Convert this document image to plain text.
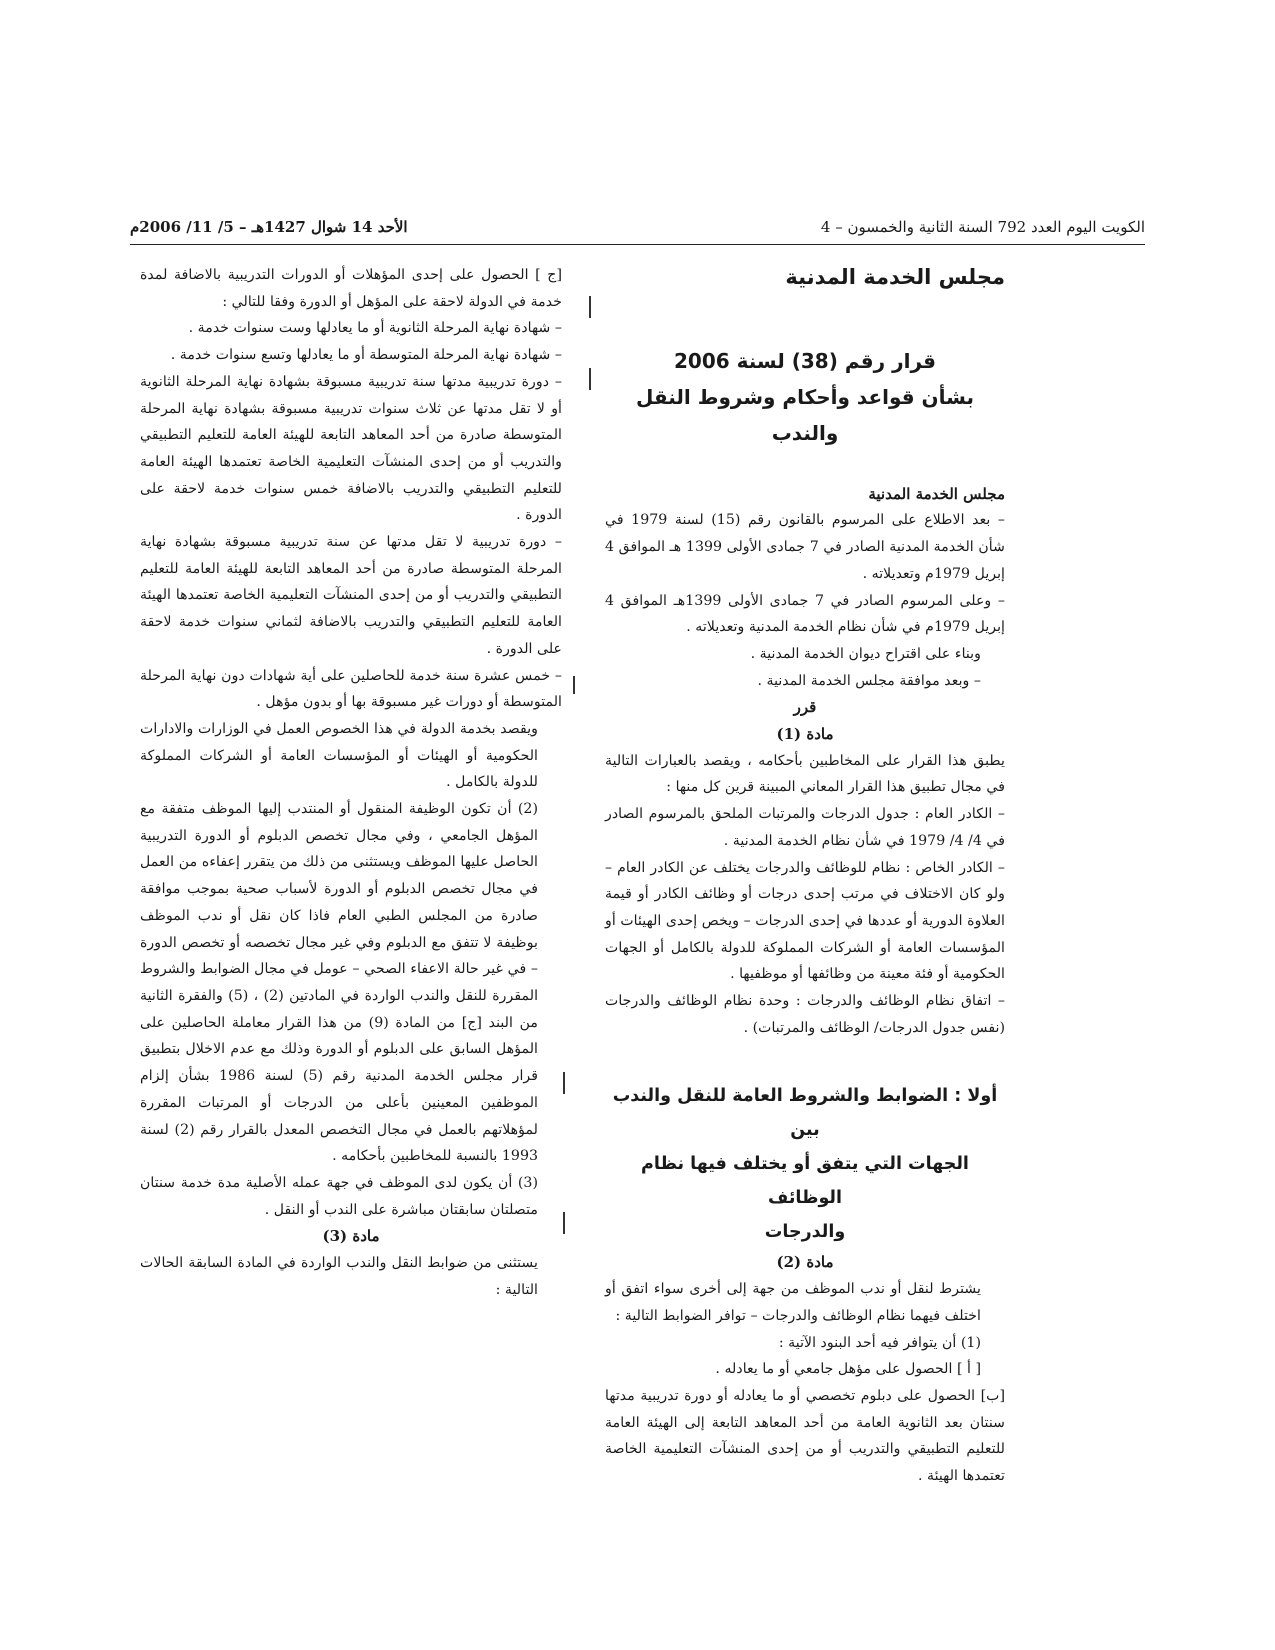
الكويت اليوم العدد 792 السنة الثانية والخمسون – 4
الأحد 14 شوال 1427هـ – 5/ 11/ 2006م
مجلس الخدمة المدنية
قرار رقم (38) لسنة 2006
بشأن قواعد وأحكام وشروط النقل والندب

مجلس الخدمة المدنية

– بعد الاطلاع على المرسوم بالقانون رقم (15) لسنة 1979 في شأن الخدمة المدنية الصادر في 7 جمادى الأولى 1399 هـ الموافق 4 إبريل 1979م وتعديلاته .

– وعلى المرسوم الصادر في 7 جمادى الأولى 1399هـ الموافق 4 إبريل 1979م في شأن نظام الخدمة المدنية وتعديلاته .

وبناء على اقتراح ديوان الخدمة المدنية .

– وبعد موافقة مجلس الخدمة المدنية .

قرر
مادة (1)

يطبق هذا القرار على المخاطبين بأحكامه ، ويقصد بالعبارات التالية في مجال تطبيق هذا القرار المعاني المبينة قرين كل منها :

– الكادر العام : جدول الدرجات والمرتبات الملحق بالمرسوم الصادر في 4/ 4/ 1979 في شأن نظام الخدمة المدنية .

– الكادر الخاص : نظام للوظائف والدرجات يختلف عن الكادر العام – ولو كان الاختلاف في مرتب إحدى درجات أو وظائف الكادر أو قيمة العلاوة الدورية أو عددها في إحدى الدرجات – ويخص إحدى الهيئات أو المؤسسات العامة أو الشركات المملوكة للدولة بالكامل أو الجهات الحكومية أو فئة معينة من وظائفها أو موظفيها .

– اتفاق نظام الوظائف والدرجات : وحدة نظام الوظائف والدرجات (نفس جدول الدرجات/ الوظائف والمرتبات) .

أولا : الضوابط والشروط العامة للنقل والندب بين
الجهات التي يتفق أو يختلف فيها نظام الوظائف
والدرجات
مادة (2)

يشترط لنقل أو ندب الموظف من جهة إلى أخرى سواء اتفق أو اختلف فيهما نظام الوظائف والدرجات – توافر الضوابط التالية :

(1) أن يتوافر فيه أحد البنود الآتية :

[ أ ] الحصول على مؤهل جامعي أو ما يعادله .

[ب] الحصول على دبلوم تخصصي أو ما يعادله أو دورة تدريبية مدتها سنتان بعد الثانوية العامة من أحد المعاهد التابعة إلى الهيئة العامة للتعليم التطبيقي والتدريب أو من إحدى المنشآت التعليمية الخاصة تعتمدها الهيئة .

[ج ] الحصول على إحدى المؤهلات أو الدورات التدريبية بالاضافة لمدة خدمة في الدولة لاحقة على المؤهل أو الدورة وفقا للتالي :

– شهادة نهاية المرحلة الثانوية أو ما يعادلها وست سنوات خدمة .

– شهادة نهاية المرحلة المتوسطة أو ما يعادلها وتسع سنوات خدمة .

– دورة تدريبية مدتها سنة تدريبية مسبوقة بشهادة نهاية المرحلة الثانوية أو لا تقل مدتها عن ثلاث سنوات تدريبية مسبوقة بشهادة نهاية المرحلة المتوسطة صادرة من أحد المعاهد التابعة للهيئة العامة للتعليم التطبيقي والتدريب أو من إحدى المنشآت التعليمية الخاصة تعتمدها الهيئة العامة للتعليم التطبيقي والتدريب بالاضافة خمس سنوات خدمة لاحقة على الدورة .

– دورة تدريبية لا تقل مدتها عن سنة تدريبية مسبوقة بشهادة نهاية المرحلة المتوسطة صادرة من أحد المعاهد التابعة للهيئة العامة للتعليم التطبيقي والتدريب أو من إحدى المنشآت التعليمية الخاصة تعتمدها الهيئة العامة للتعليم التطبيقي والتدريب بالاضافة لثماني سنوات خدمة لاحقة على الدورة .

– خمس عشرة سنة خدمة للحاصلين على أية شهادات دون نهاية المرحلة المتوسطة أو دورات غير مسبوقة بها أو بدون مؤهل .

ويقصد بخدمة الدولة في هذا الخصوص العمل في الوزارات والادارات الحكومية أو الهيئات أو المؤسسات العامة أو الشركات المملوكة للدولة بالكامل .

(2) أن تكون الوظيفة المنقول أو المنتدب إليها الموظف متفقة مع المؤهل الجامعي ، وفي مجال تخصص الدبلوم أو الدورة التدريبية الحاصل عليها الموظف ويستثنى من ذلك من يتقرر إعفاءه من العمل في مجال تخصص الدبلوم أو الدورة لأسباب صحية بموجب موافقة صادرة من المجلس الطبي العام فاذا كان نقل أو ندب الموظف بوظيفة لا تتفق مع الدبلوم وفي غير مجال تخصصه أو تخصص الدورة – في غير حالة الاعفاء الصحي – عومل في مجال الضوابط والشروط المقررة للنقل والندب الواردة في المادتين (2) ، (5) والفقرة الثانية من البند [ج] من المادة (9) من هذا القرار معاملة الحاصلين على المؤهل السابق على الدبلوم أو الدورة وذلك مع عدم الاخلال بتطبيق قرار مجلس الخدمة المدنية رقم (5) لسنة 1986 بشأن إلزام الموظفين المعينين بأعلى من الدرجات أو المرتبات المقررة لمؤهلاتهم بالعمل في مجال التخصص المعدل بالقرار رقم (2) لسنة 1993 بالنسبة للمخاطبين بأحكامه .

(3) أن يكون لدى الموظف في جهة عمله الأصلية مدة خدمة سنتان متصلتان سابقتان مباشرة على الندب أو النقل .

مادة (3)

يستثنى من ضوابط النقل والندب الواردة في المادة السابقة الحالات التالية :
